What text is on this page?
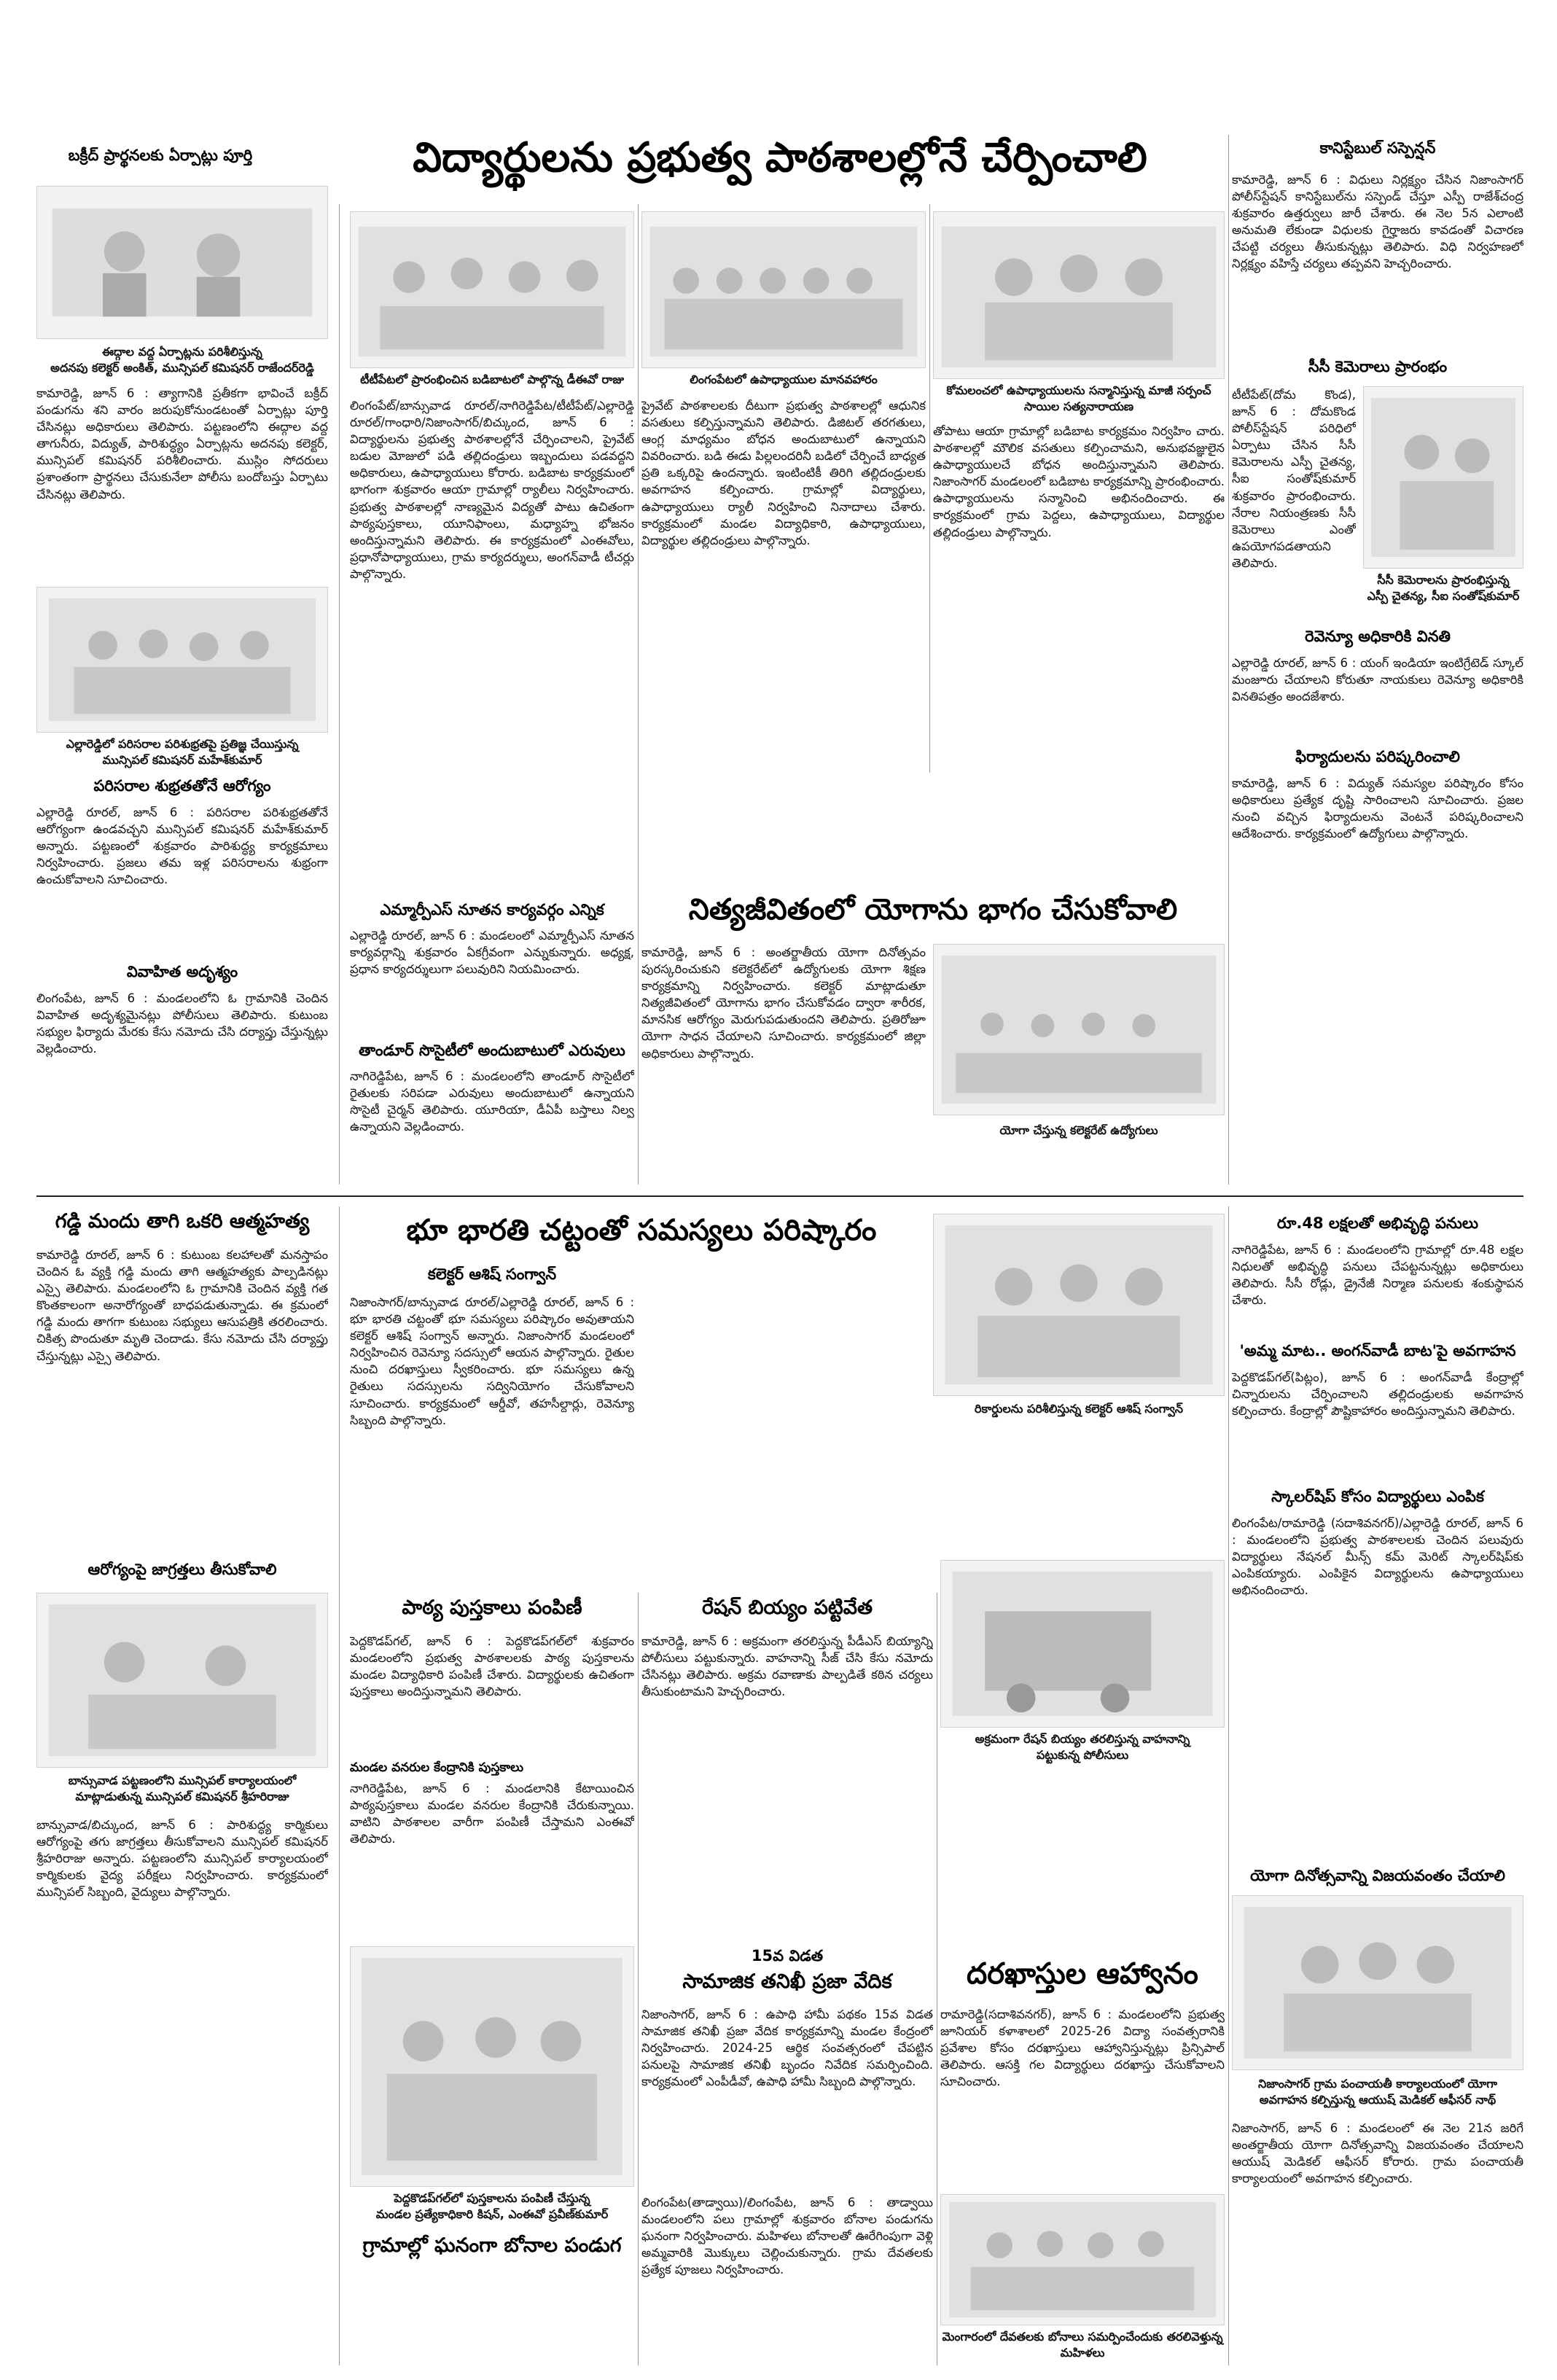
బక్రీద్ ప్రార్థనలకు ఏర్పాట్లు పూర్తి	విద్యార్థులను ప్రభుత్వ పాఠశాలల్లోనే చేర్పించాలి	కానిస్టేబుల్ సస్పెన్షన్
కామారెడ్డి, జూన్ 6 : విధులు నిర్లక్ష్యం చేసిన నిజాంసాగర్ పోలీస్‌స్టేషన్ కానిస్టేబుల్‌ను సస్పెండ్ చేస్తూ ఎస్పీ రాజేశ్‌చంద్ర శుక్రవారం ఉత్తర్వులు జారీ చేశారు. ఈ నెల 5న ఎలాంటి అనుమతి లేకుండా విధులకు గైర్హాజరు కావడంతో విచారణ చేపట్టి చర్యలు తీసుకున్నట్లు తెలిపారు. విధి నిర్వహణలో నిర్లక్ష్యం వహిస్తే చర్యలు తప్పవని హెచ్చరించారు.
ఈద్గాల వద్ద ఏర్పాట్లను పరిశీలిస్తున్న
అదనపు కలెక్టర్ అంకిత్, మున్సిపల్ కమిషనర్ రాజేందర్‌రెడ్డి
కామారెడ్డి, జూన్ 6 : త్యాగానికి ప్రతీకగా భావించే బక్రీద్ పండుగను శని వారం జరుపుకోనుండటంతో ఏర్పాట్లు పూర్తి చేసినట్లు అధికారులు తెలిపారు. పట్టణంలోని ఈద్గాల వద్ద తాగునీరు, విద్యుత్, పారిశుద్ధ్యం ఏర్పాట్లను అదనపు కలెక్టర్, మున్సిపల్ కమిషనర్ పరిశీలించారు. ముస్లిం సోదరులు ప్రశాంతంగా ప్రార్థనలు చేసుకునేలా పోలీసు బందోబస్తు ఏర్పాటు చేసినట్లు తెలిపారు.
టీటీపేటలో ప్రారంభించిన బడిబాటలో పాల్గొన్న డీఈవో రాజు	లింగంపేటలో ఉపాధ్యాయుల మానవహారం
కోమలంచలో ఉపాధ్యాయులను సన్మానిస్తున్న మాజీ సర్పంచ్ సాయిల సత్యనారాయణ
లింగంపేట్/బాన్సువాడ రూరల్/నాగిరెడ్డిపేట/టీటీపేట్/ఎల్లారెడ్డి రూరల్/గాంధారి/నిజాంసాగర్/బిచ్కుంద, జూన్ 6 : విద్యార్థులను ప్రభుత్వ పాఠశాలల్లోనే చేర్పించాలని, ప్రైవేట్ బడుల మోజులో పడి తల్లిదండ్రులు ఇబ్బందులు పడవద్దని అధికారులు, ఉపాధ్యాయులు కోరారు. బడిబాట కార్యక్రమంలో భాగంగా శుక్రవారం ఆయా గ్రామాల్లో ర్యాలీలు నిర్వహించారు. ప్రభుత్వ పాఠశాలల్లో నాణ్యమైన విద్యతో పాటు ఉచితంగా పాఠ్యపుస్తకాలు, యూనిఫాంలు, మధ్యాహ్న భోజనం అందిస్తున్నామని తెలిపారు. ఈ కార్యక్రమంలో ఎంఈవోలు, ప్రధానోపాధ్యాయులు, గ్రామ కార్యదర్శులు, అంగన్‌వాడీ టీచర్లు పాల్గొన్నారు.
ప్రైవేట్ పాఠశాలలకు దీటుగా ప్రభుత్వ పాఠశాలల్లో ఆధునిక వసతులు కల్పిస్తున్నామని తెలిపారు. డిజిటల్ తరగతులు, ఆంగ్ల మాధ్యమం బోధన అందుబాటులో ఉన్నాయని వివరించారు. బడి ఈడు పిల్లలందరినీ బడిలో చేర్పించే బాధ్యత ప్రతి ఒక్కరిపై ఉందన్నారు. ఇంటింటికీ తిరిగి తల్లిదండ్రులకు అవగాహన కల్పించారు. గ్రామాల్లో విద్యార్థులు, ఉపాధ్యాయులు ర్యాలీ నిర్వహించి నినాదాలు చేశారు. కార్యక్రమంలో మండల విద్యాధికారి, ఉపాధ్యాయులు, విద్యార్థుల తల్లిదండ్రులు పాల్గొన్నారు.
తోపాటు ఆయా గ్రామాల్లో బడిబాట కార్యక్రమం నిర్వహిం చారు. పాఠశాలల్లో మౌలిక వసతులు కల్పించామని, అనుభవజ్ఞులైన ఉపాధ్యాయులచే బోధన అందిస్తున్నామని తెలిపారు. నిజాంసాగర్ మండలంలో బడిబాట కార్యక్రమాన్ని ప్రారంభించారు. ఉపాధ్యాయులను సన్మానించి అభినందించారు. ఈ కార్యక్రమంలో గ్రామ పెద్దలు, ఉపాధ్యాయులు, విద్యార్థుల తల్లిదండ్రులు పాల్గొన్నారు.
సీసీ కెమెరాలు ప్రారంభం
టీటీపేట్(దోమ కొండ), జూన్ 6 : దోమకొండ పోలీస్‌స్టేషన్ పరిధిలో ఏర్పాటు చేసిన సీసీ కెమెరాలను ఎస్పీ చైతన్య, సీఐ సంతోష్‌కుమార్ శుక్రవారం ప్రారంభించారు. నేరాల నియంత్రణకు సీసీ కెమెరాలు ఎంతో ఉపయోగపడతాయని తెలిపారు.
సీసీ కెమెరాలను ప్రారంభిస్తున్న
ఎస్పీ చైతన్య, సీఐ సంతోష్‌కుమార్
రెవెన్యూ అధికారికి వినతి
ఎల్లారెడ్డి రూరల్, జూన్ 6 : యంగ్ ఇండియా ఇంటిగ్రేటెడ్ స్కూల్ మంజూరు చేయాలని కోరుతూ నాయకులు రెవెన్యూ అధికారికి వినతిపత్రం అందజేశారు.
ఫిర్యాదులను పరిష్కరించాలి
కామారెడ్డి, జూన్ 6 : విద్యుత్ సమస్యల పరిష్కారం కోసం అధికారులు ప్రత్యేక దృష్టి సారించాలని సూచించారు. ప్రజల నుంచి వచ్చిన ఫిర్యాదులను వెంటనే పరిష్కరించాలని ఆదేశించారు. కార్యక్రమంలో ఉద్యోగులు పాల్గొన్నారు.
ఎల్లారెడ్డిలో పరిసరాల పరిశుభ్రతపై ప్రతిజ్ఞ చేయిస్తున్న
మున్సిపల్ కమిషనర్ మహేశ్‌కుమార్
పరిసరాల శుభ్రతతోనే ఆరోగ్యం
ఎల్లారెడ్డి రూరల్, జూన్ 6 : పరిసరాల పరిశుభ్రతతోనే ఆరోగ్యంగా ఉండవచ్చని మున్సిపల్ కమిషనర్ మహేశ్‌కుమార్ అన్నారు. పట్టణంలో శుక్రవారం పారిశుద్ధ్య కార్యక్రమాలు నిర్వహించారు. ప్రజలు తమ ఇళ్ల పరిసరాలను శుభ్రంగా ఉంచుకోవాలని సూచించారు.
వివాహిత అదృశ్యం
లింగంపేట, జూన్ 6 : మండలంలోని ఓ గ్రామానికి చెందిన వివాహిత అదృశ్యమైనట్లు పోలీసులు తెలిపారు. కుటుంబ సభ్యుల ఫిర్యాదు మేరకు కేసు నమోదు చేసి దర్యాప్తు చేస్తున్నట్లు వెల్లడించారు.
ఎమ్మార్పీఎస్ నూతన కార్యవర్గం ఎన్నిక
ఎల్లారెడ్డి రూరల్, జూన్ 6 : మండలంలో ఎమ్మార్పీఎస్ నూతన కార్యవర్గాన్ని శుక్రవారం ఏకగ్రీవంగా ఎన్నుకున్నారు. అధ్యక్ష, ప్రధాన కార్యదర్శులుగా పలువురిని నియమించారు.
తాండూర్ సొసైటీలో అందుబాటులో ఎరువులు
నాగిరెడ్డిపేట, జూన్ 6 : మండలంలోని తాండూర్ సొసైటీలో రైతులకు సరిపడా ఎరువులు అందుబాటులో ఉన్నాయని సొసైటీ చైర్మన్ తెలిపారు. యూరియా, డీఏపీ బస్తాలు నిల్వ ఉన్నాయని వెల్లడించారు.
నిత్యజీవితంలో యోగాను భాగం చేసుకోవాలి
కామారెడ్డి, జూన్ 6 : అంతర్జాతీయ యోగా దినోత్సవం పురస్కరించుకుని కలెక్టరేట్‌లో ఉద్యోగులకు యోగా శిక్షణ కార్యక్రమాన్ని నిర్వహించారు. కలెక్టర్ మాట్లాడుతూ నిత్యజీవితంలో యోగాను భాగం చేసుకోవడం ద్వారా శారీరక, మానసిక ఆరోగ్యం మెరుగుపడుతుందని తెలిపారు. ప్రతిరోజూ యోగా సాధన చేయాలని సూచించారు. కార్యక్రమంలో జిల్లా అధికారులు పాల్గొన్నారు.
యోగా చేస్తున్న కలెక్టరేట్ ఉద్యోగులు
గడ్డి మందు తాగి ఒకరి ఆత్మహత్య
కామారెడ్డి రూరల్, జూన్ 6 : కుటుంబ కలహాలతో మనస్తాపం చెందిన ఓ వ్యక్తి గడ్డి మందు తాగి ఆత్మహత్యకు పాల్పడినట్లు ఎస్సై తెలిపారు. మండలంలోని ఓ గ్రామానికి చెందిన వ్యక్తి గత కొంతకాలంగా అనారోగ్యంతో బాధపడుతున్నాడు. ఈ క్రమంలో గడ్డి మందు తాగగా కుటుంబ సభ్యులు ఆసుపత్రికి తరలించారు. చికిత్స పొందుతూ మృతి చెందాడు. కేసు నమోదు చేసి దర్యాప్తు చేస్తున్నట్లు ఎస్సై తెలిపారు.
ఆరోగ్యంపై జాగ్రత్తలు తీసుకోవాలి
బాన్సువాడ పట్టణంలోని మున్సిపల్ కార్యాలయంలో
మాట్లాడుతున్న మున్సిపల్ కమిషనర్ శ్రీహరిరాజు
బాన్సువాడ/బిచ్కుంద, జూన్ 6 : పారిశుద్ధ్య కార్మికులు ఆరోగ్యంపై తగు జాగ్రత్తలు తీసుకోవాలని మున్సిపల్ కమిషనర్ శ్రీహరిరాజు అన్నారు. పట్టణంలోని మున్సిపల్ కార్యాలయంలో కార్మికులకు వైద్య పరీక్షలు నిర్వహించారు. కార్యక్రమంలో మున్సిపల్ సిబ్బంది, వైద్యులు పాల్గొన్నారు.
భూ భారతి చట్టంతో సమస్యలు పరిష్కారం
కలెక్టర్ ఆశిష్ సంగ్వాన్
నిజాంసాగర్/బాన్సువాడ రూరల్/ఎల్లారెడ్డి రూరల్, జూన్ 6 : భూ భారతి చట్టంతో భూ సమస్యలు పరిష్కారం అవుతాయని కలెక్టర్ ఆశిష్ సంగ్వాన్ అన్నారు. నిజాంసాగర్ మండలంలో నిర్వహించిన రెవెన్యూ సదస్సులో ఆయన పాల్గొన్నారు. రైతుల నుంచి దరఖాస్తులు స్వీకరించారు. భూ సమస్యలు ఉన్న రైతులు సదస్సులను సద్వినియోగం చేసుకోవాలని సూచించారు. కార్యక్రమంలో ఆర్డీవో, తహసీల్దార్లు, రెవెన్యూ సిబ్బంది పాల్గొన్నారు.
రికార్డులను పరిశీలిస్తున్న కలెక్టర్ ఆశిష్ సంగ్వాన్
పాఠ్య పుస్తకాలు పంపిణీ
పెద్దకొడప్‌గల్, జూన్ 6 : పెద్దకొడప్‌గల్‌లో శుక్రవారం మండలంలోని ప్రభుత్వ పాఠశాలలకు పాఠ్య పుస్తకాలను మండల విద్యాధికారి పంపిణీ చేశారు. విద్యార్థులకు ఉచితంగా పుస్తకాలు అందిస్తున్నామని తెలిపారు.
మండల వనరుల కేంద్రానికి పుస్తకాలు
నాగిరెడ్డిపేట, జూన్ 6 : మండలానికి కేటాయించిన పాఠ్యపుస్తకాలు మండల వనరుల కేంద్రానికి చేరుకున్నాయి. వాటిని పాఠశాలల వారీగా పంపిణీ చేస్తామని ఎంఈవో తెలిపారు.
రేషన్ బియ్యం పట్టివేత
కామారెడ్డి, జూన్ 6 : అక్రమంగా తరలిస్తున్న పీడీఎస్ బియ్యాన్ని పోలీసులు పట్టుకున్నారు. వాహనాన్ని సీజ్ చేసి కేసు నమోదు చేసినట్లు తెలిపారు. అక్రమ రవాణాకు పాల్పడితే కఠిన చర్యలు తీసుకుంటామని హెచ్చరించారు.
అక్రమంగా రేషన్ బియ్యం తరలిస్తున్న వాహనాన్ని
పట్టుకున్న పోలీసులు
15వ విడత
సామాజిక తనిఖీ ప్రజా వేదిక
నిజాంసాగర్, జూన్ 6 : ఉపాధి హామీ పథకం 15వ విడత సామాజిక తనిఖీ ప్రజా వేదిక కార్యక్రమాన్ని మండల కేంద్రంలో నిర్వహించారు. 2024-25 ఆర్థిక సంవత్సరంలో చేపట్టిన పనులపై సామాజిక తనిఖీ బృందం నివేదిక సమర్పించింది. కార్యక్రమంలో ఎంపీడీవో, ఉపాధి హామీ సిబ్బంది పాల్గొన్నారు.
దరఖాస్తుల ఆహ్వానం
రామారెడ్డి(సదాశివనగర్), జూన్ 6 : మండలంలోని ప్రభుత్వ జూనియర్ కళాశాలలో 2025-26 విద్యా సంవత్సరానికి ప్రవేశాల కోసం దరఖాస్తులు ఆహ్వానిస్తున్నట్లు ప్రిన్సిపాల్ తెలిపారు. ఆసక్తి గల విద్యార్థులు దరఖాస్తు చేసుకోవాలని సూచించారు.
పెద్దకొడప్‌గల్‌లో పుస్తకాలను పంపిణీ చేస్తున్న
మండల ప్రత్యేకాధికారి కిషన్, ఎంఈవో ప్రవీణ్‌కుమార్
గ్రామాల్లో ఘనంగా బోనాల పండుగ
లింగంపేట(తాడ్వాయి)/లింగంపేట, జూన్ 6 : తాడ్వాయి మండలంలోని పలు గ్రామాల్లో శుక్రవారం బోనాల పండుగను ఘనంగా నిర్వహించారు. మహిళలు బోనాలతో ఊరేగింపుగా వెళ్లి అమ్మవారికి మొక్కులు చెల్లించుకున్నారు. గ్రామ దేవతలకు ప్రత్యేక పూజలు నిర్వహించారు.
మెంగారంలో దేవతలకు బోనాలు సమర్పించేందుకు తరలివెళ్తున్న మహిళలు
రూ.48 లక్షలతో అభివృద్ధి పనులు
నాగిరెడ్డిపేట, జూన్ 6 : మండలంలోని గ్రామాల్లో రూ.48 లక్షల నిధులతో అభివృద్ధి పనులు చేపట్టనున్నట్లు అధికారులు తెలిపారు. సీసీ రోడ్లు, డ్రైనేజీ నిర్మాణ పనులకు శంకుస్థాపన చేశారు.
'అమ్మ మాట.. అంగన్‌వాడీ బాట'పై అవగాహన
పెద్దకొడప్‌గల్(పిట్లం), జూన్ 6 : అంగన్‌వాడీ కేంద్రాల్లో చిన్నారులను చేర్పించాలని తల్లిదండ్రులకు అవగాహన కల్పించారు. కేంద్రాల్లో పౌష్టికాహారం అందిస్తున్నామని తెలిపారు.
స్కాలర్‌షిప్ కోసం విద్యార్థులు ఎంపిక
లింగంపేట/రామారెడ్డి (సదాశివనగర్)/ఎల్లారెడ్డి రూరల్, జూన్ 6 : మండలంలోని ప్రభుత్వ పాఠశాలలకు చెందిన పలువురు విద్యార్థులు నేషనల్ మీన్స్ కమ్ మెరిట్ స్కాలర్‌షిప్‌కు ఎంపికయ్యారు. ఎంపికైన విద్యార్థులను ఉపాధ్యాయులు అభినందించారు.
యోగా దినోత్సవాన్ని విజయవంతం చేయాలి
నిజాంసాగర్ గ్రామ పంచాయతీ కార్యాలయంలో యోగా
అవగాహన కల్పిస్తున్న ఆయుష్ మెడికల్ ఆఫీసర్ నాథ్
నిజాంసాగర్, జూన్ 6 : మండలంలో ఈ నెల 21న జరిగే అంతర్జాతీయ యోగా దినోత్సవాన్ని విజయవంతం చేయాలని ఆయుష్ మెడికల్ ఆఫీసర్ కోరారు. గ్రామ పంచాయతీ కార్యాలయంలో అవగాహన కల్పించారు.
